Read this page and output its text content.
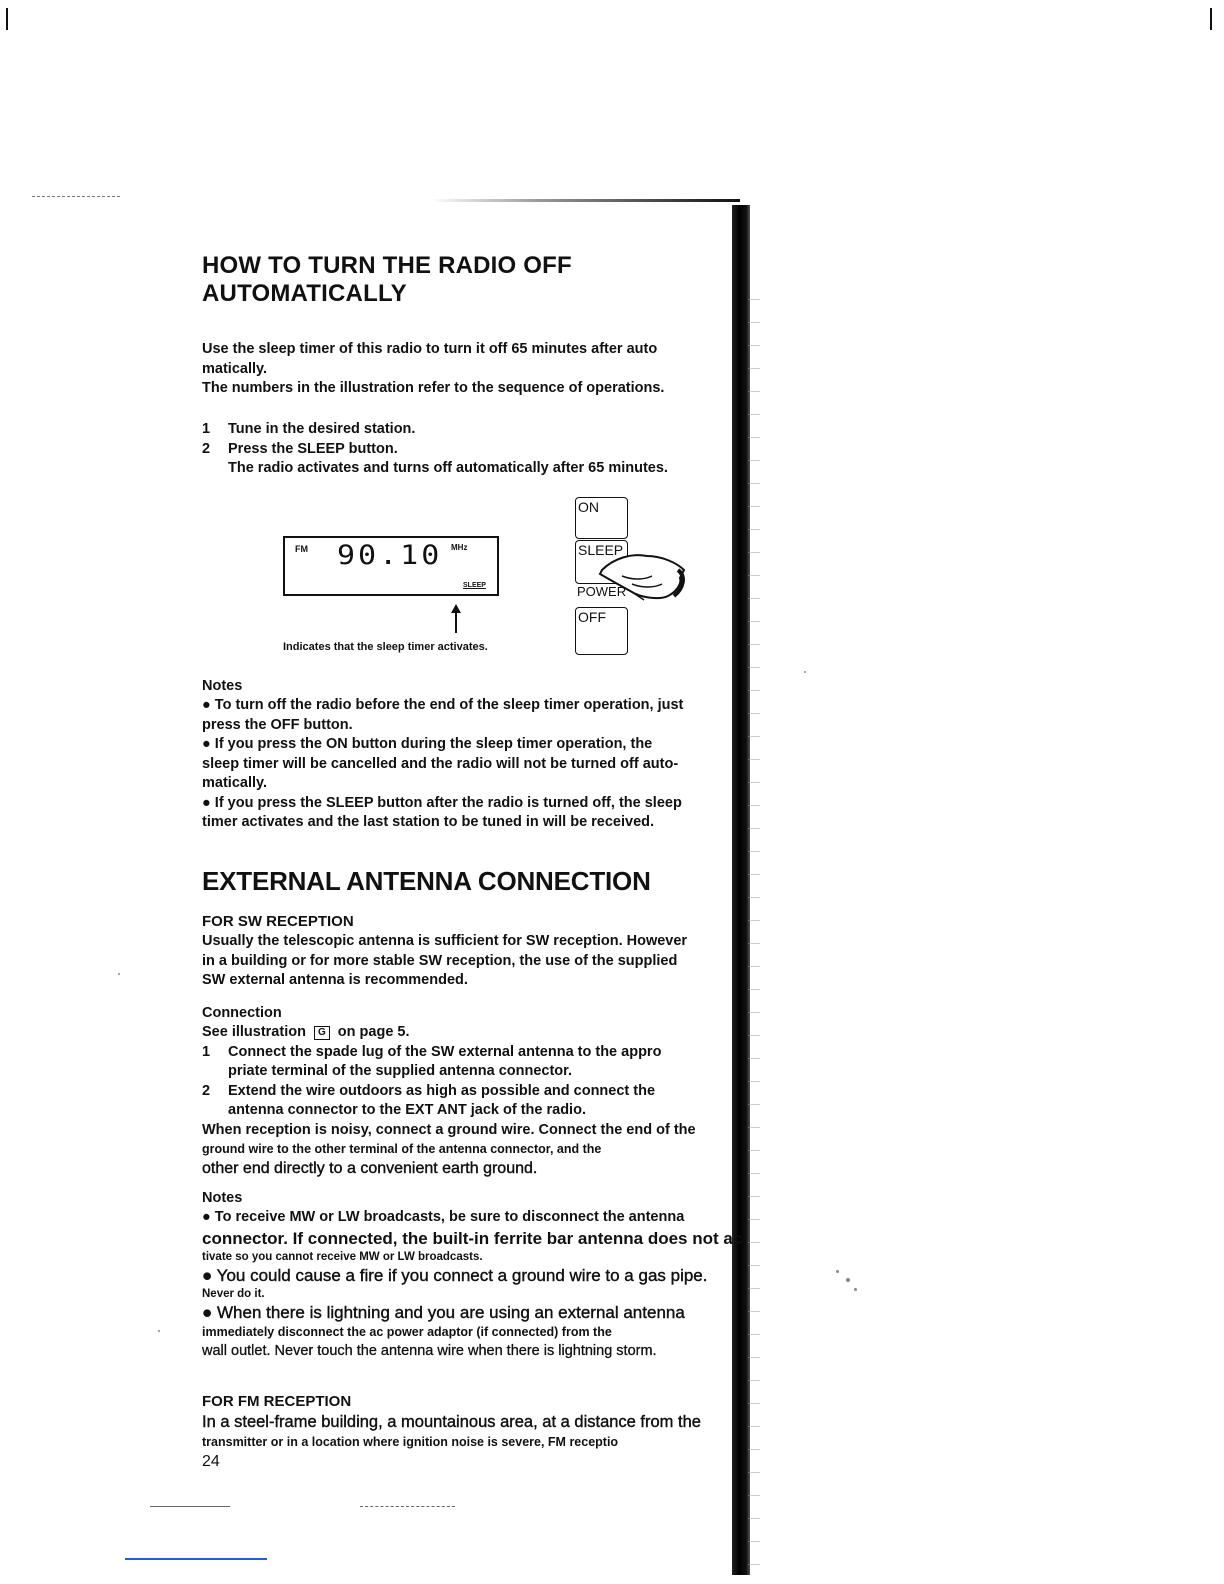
HOW TO TURN THE RADIO OFF
AUTOMATICALLY
Use the sleep timer of this radio to turn it off 65 minutes after auto
matically.
The numbers in the illustration refer to the sequence of operations.
1	Tune in the desired station.
2	Press the SLEEP button.
The radio activates and turns off automatically after 65 minutes.
FM 90.10 MHz
SLEEP
Indicates that the sleep timer activates.
ON
SLEEP
POWER
OFF
Notes
● To turn off the radio before the end of the sleep timer operation, just
press the OFF button.
● If you press the ON button during the sleep timer operation, the
sleep timer will be cancelled and the radio will not be turned off auto-
matically.
● If you press the SLEEP button after the radio is turned off, the sleep
timer activates and the last station to be tuned in will be received.
EXTERNAL ANTENNA CONNECTION
FOR SW RECEPTION
Usually the telescopic antenna is sufficient for SW reception. However
in a building or for more stable SW reception, the use of the supplied
SW external antenna is recommended.
Connection
See illustration G on page 5.
1	Connect the spade lug of the SW external antenna to the appro
priate terminal of the supplied antenna connector.
2	Extend the wire outdoors as high as possible and connect the
antenna connector to the EXT ANT jack of the radio.
When reception is noisy, connect a ground wire. Connect the end of the
ground wire to the other terminal of the antenna connector, and the
other end directly to a convenient earth ground.
Notes
● To receive MW or LW broadcasts, be sure to disconnect the antenna
connector. If connected, the built-in ferrite bar antenna does not ac
tivate so you cannot receive MW or LW broadcasts.
● You could cause a fire if you connect a ground wire to a gas pipe.
Never do it.
● When there is lightning and you are using an external antenna
immediately disconnect the ac power adaptor (if connected) from the
wall outlet. Never touch the antenna wire when there is lightning storm.
FOR FM RECEPTION
In a steel-frame building, a mountainous area, at a distance from the
transmitter or in a location where ignition noise is severe, FM receptio
24
